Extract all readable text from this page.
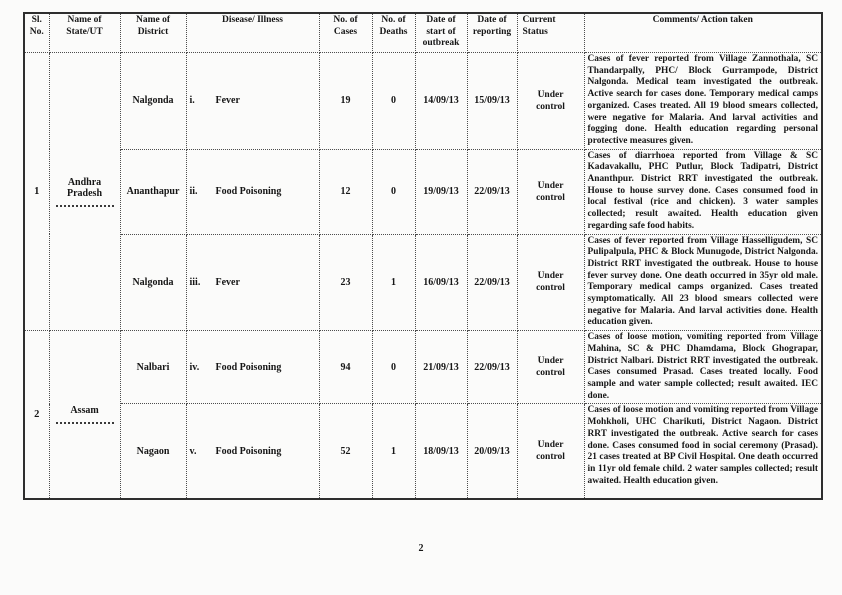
Sl. No.	Name of State/UT	Name of District	Disease/ Illness	No. of Cases	No. of Deaths	Date of start of outbreak	Date of reporting	Current Status	Comments/ Action taken
1	Andhra Pradesh	Nalgonda	i. Fever	19	0	14/09/13	15/09/13	Under control	Cases of fever reported from Village Zannothala, SC Thandarpally, PHC/ Block Gurrampode, District Nalgonda. Medical team investigated the outbreak. Active search for cases done. Temporary medical camps organized. Cases treated. All 19 blood smears collected, were negative for Malaria. And larval activities and fogging done. Health education regarding personal protective measures given.
		Ananthapur	ii. Food Poisoning	12	0	19/09/13	22/09/13	Under control	Cases of diarrhoea reported from Village & SC Kadavakallu, PHC Putlur, Block Tadipatri, District Ananthpur. District RRT investigated the outbreak. House to house survey done. Cases consumed food in local festival (rice and chicken). 3 water samples collected; result awaited. Health education given regarding safe food habits.
		Nalgonda	iii. Fever	23	1	16/09/13	22/09/13	Under control	Cases of fever reported from Village Hasselligudem, SC Pulipalpula, PHC & Block Munugode, District Nalgonda. District RRT investigated the outbreak. House to house fever survey done. One death occurred in 35yr old male. Temporary medical camps organized. Cases treated symptomatically. All 23 blood smears collected were negative for Malaria. And larval activities done. Health education given.
2	Assam	Nalbari	iv. Food Poisoning	94	0	21/09/13	22/09/13	Under control	Cases of loose motion, vomiting reported from Village Mahina, SC & PHC Dhamdama, Block Ghograpar, District Nalbari. District RRT investigated the outbreak. Cases consumed Prasad. Cases treated locally. Food sample and water sample collected; result awaited. IEC done.
		Nagaon	v. Food Poisoning	52	1	18/09/13	20/09/13	Under control	Cases of loose motion and vomiting reported from Village Mohkholi, UHC Charikuti, District Nagaon. District RRT investigated the outbreak. Active search for cases done. Cases consumed food in social ceremony (Prasad). 21 cases treated at BP Civil Hospital. One death occurred in 11yr old female child. 2 water samples collected; result awaited. Health education given.
2
